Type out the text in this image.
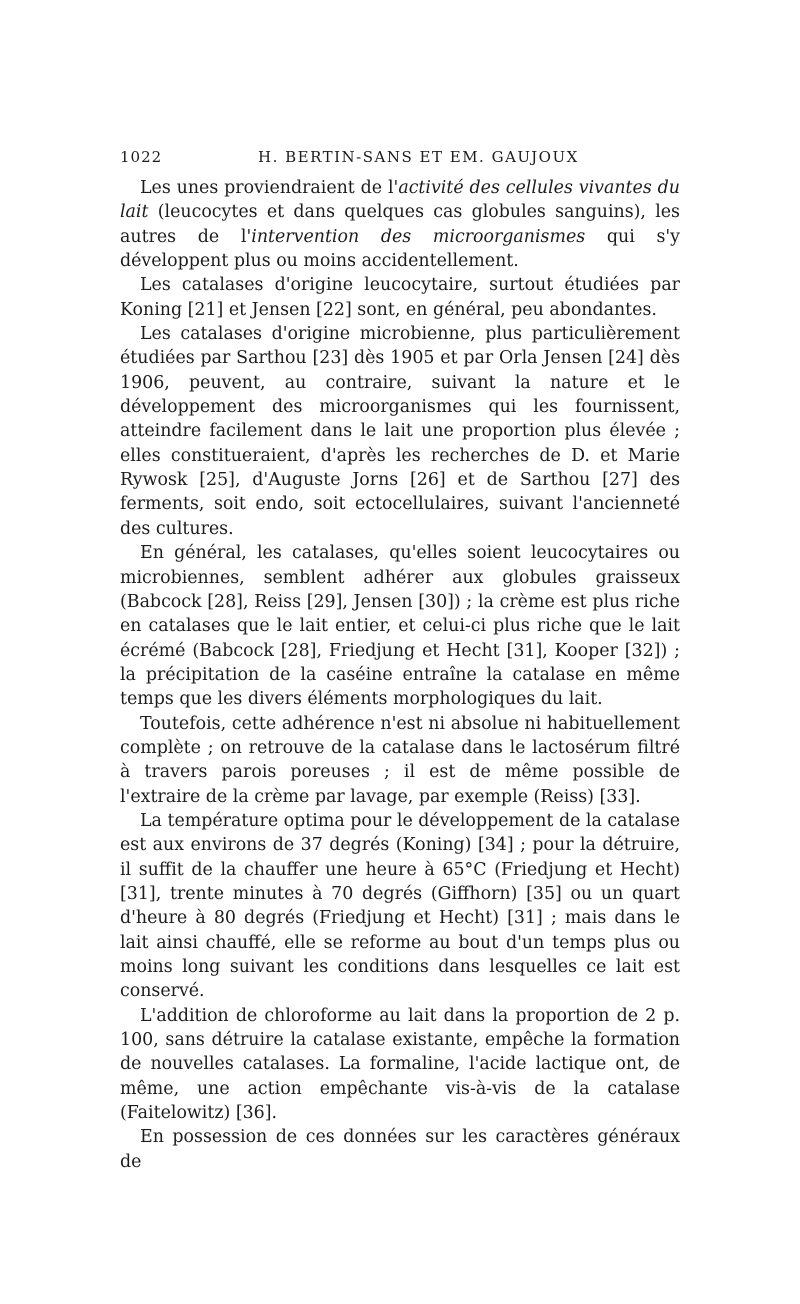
1022	H. BERTIN-SANS ET EM. GAUJOUX

Les unes proviendraient de l'activité des cellules vivantes du lait (leucocytes et dans quelques cas globules sanguins), les autres de l'intervention des microorganismes qui s'y développent plus ou moins accidentellement.

Les catalases d'origine leucocytaire, surtout étudiées par Koning [21] et Jensen [22] sont, en général, peu abondantes.

Les catalases d'origine microbienne, plus particulièrement étudiées par Sarthou [23] dès 1905 et par Orla Jensen [24] dès 1906, peuvent, au contraire, suivant la nature et le développement des microorganismes qui les fournissent, atteindre facilement dans le lait une proportion plus élevée ; elles constitueraient, d'après les recherches de D. et Marie Rywosk [25], d'Auguste Jorns [26] et de Sarthou [27] des ferments, soit endo, soit ectocellulaires, suivant l'ancienneté des cultures.

En général, les catalases, qu'elles soient leucocytaires ou microbiennes, semblent adhérer aux globules graisseux (Babcock [28], Reiss [29], Jensen [30]) ; la crème est plus riche en catalases que le lait entier, et celui-ci plus riche que le lait écrémé (Babcock [28], Friedjung et Hecht [31], Kooper [32]) ; la précipitation de la caséine entraîne la catalase en même temps que les divers éléments morphologiques du lait.

Toutefois, cette adhérence n'est ni absolue ni habituellement complète ; on retrouve de la catalase dans le lactosérum filtré à travers parois poreuses ; il est de même possible de l'extraire de la crème par lavage, par exemple (Reiss) [33].

La température optima pour le développement de la catalase est aux environs de 37 degrés (Koning) [34] ; pour la détruire, il suffit de la chauffer une heure à 65°C (Friedjung et Hecht) [31], trente minutes à 70 degrés (Giffhorn) [35] ou un quart d'heure à 80 degrés (Friedjung et Hecht) [31] ; mais dans le lait ainsi chauffé, elle se reforme au bout d'un temps plus ou moins long suivant les conditions dans lesquelles ce lait est conservé.

L'addition de chloroforme au lait dans la proportion de 2 p. 100, sans détruire la catalase existante, empêche la formation de nouvelles catalases. La formaline, l'acide lactique ont, de même, une action empêchante vis-à-vis de la catalase (Faitelowitz) [36].

En possession de ces données sur les caractères généraux de
